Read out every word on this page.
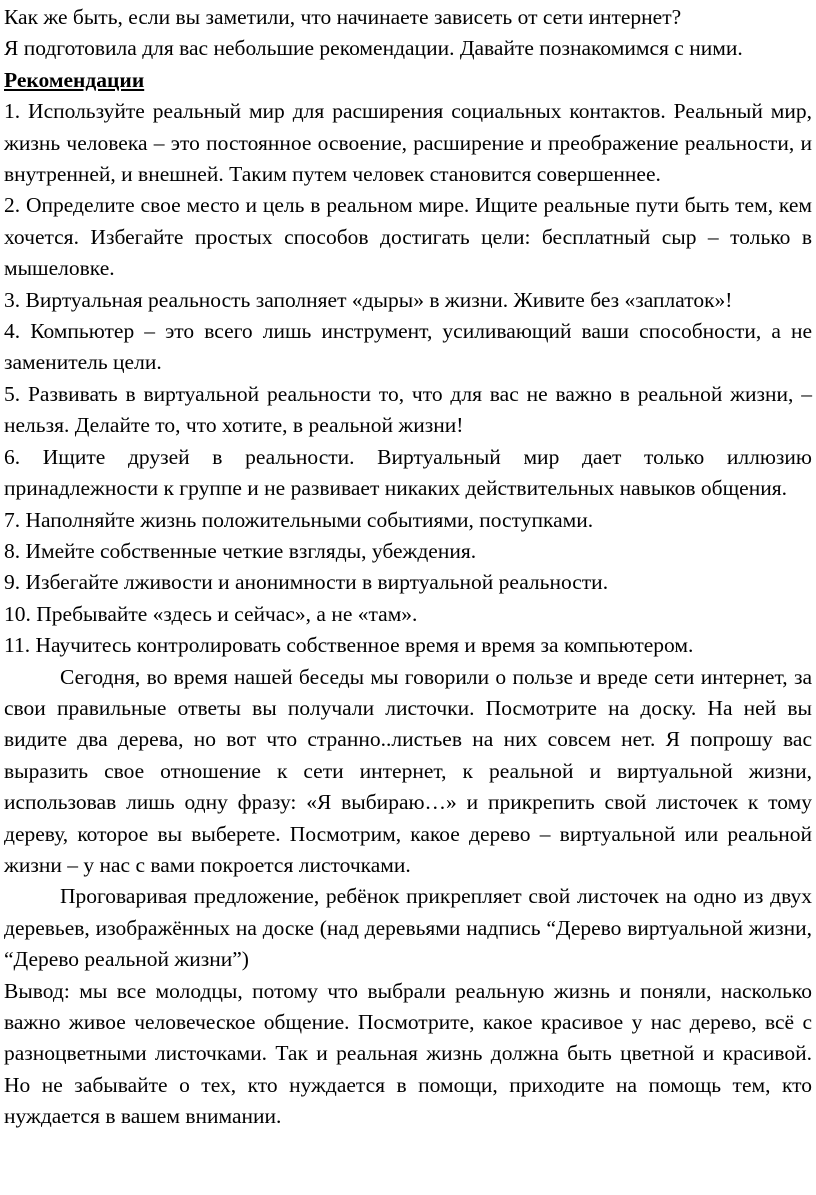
Как же быть, если вы заметили, что начинаете зависеть от сети интернет?

Я подготовила для вас небольшие рекомендации. Давайте познакомимся с ними.

Рекомендации

1. Используйте реальный мир для расширения социальных контактов. Реальный мир, жизнь человека – это постоянное освоение, расширение и преображение реальности, и внутренней, и внешней. Таким путем человек становится совершеннее.

2. Определите свое место и цель в реальном мире. Ищите реальные пути быть тем, кем хочется. Избегайте простых способов достигать цели: бесплатный сыр – только в мышеловке.

3. Виртуальная реальность заполняет «дыры» в жизни. Живите без «заплаток»!

4. Компьютер – это всего лишь инструмент, усиливающий ваши способности, а не заменитель цели.

5. Развивать в виртуальной реальности то, что для вас не важно в реальной жизни, – нельзя. Делайте то, что хотите, в реальной жизни!

6. Ищите друзей в реальности. Виртуальный мир дает только иллюзию принадлежности к группе и не развивает никаких действительных навыков общения.

7. Наполняйте жизнь положительными событиями, поступками.

8. Имейте собственные четкие взгляды, убеждения.

9. Избегайте лживости и анонимности в виртуальной реальности.

10. Пребывайте «здесь и сейчас», а не «там».

11. Научитесь контролировать собственное время и время за компьютером.

Сегодня, во время нашей беседы мы говорили о пользе и вреде сети интернет, за свои правильные ответы вы получали листочки. Посмотрите на доску. На ней вы видите два дерева, но вот что странно..листьев на них совсем нет. Я попрошу вас выразить свое отношение к сети интернет, к реальной и виртуальной жизни, использовав лишь одну фразу: «Я выбираю…» и прикрепить свой листочек к тому дереву, которое вы выберете. Посмотрим, какое дерево – виртуальной или реальной жизни – у нас с вами покроется листочками.

Проговаривая предложение, ребёнок прикрепляет свой листочек на одно из двух деревьев, изображённых на доске (над деревьями надпись “Дерево виртуальной жизни, “Дерево реальной жизни”)

Вывод: мы все молодцы, потому что выбрали реальную жизнь и поняли, насколько важно живое человеческое общение. Посмотрите, какое красивое у нас дерево, всё с разноцветными листочками. Так и реальная жизнь должна быть цветной и красивой. Но не забывайте о тех, кто нуждается в помощи, приходите на помощь тем, кто нуждается в вашем внимании.
